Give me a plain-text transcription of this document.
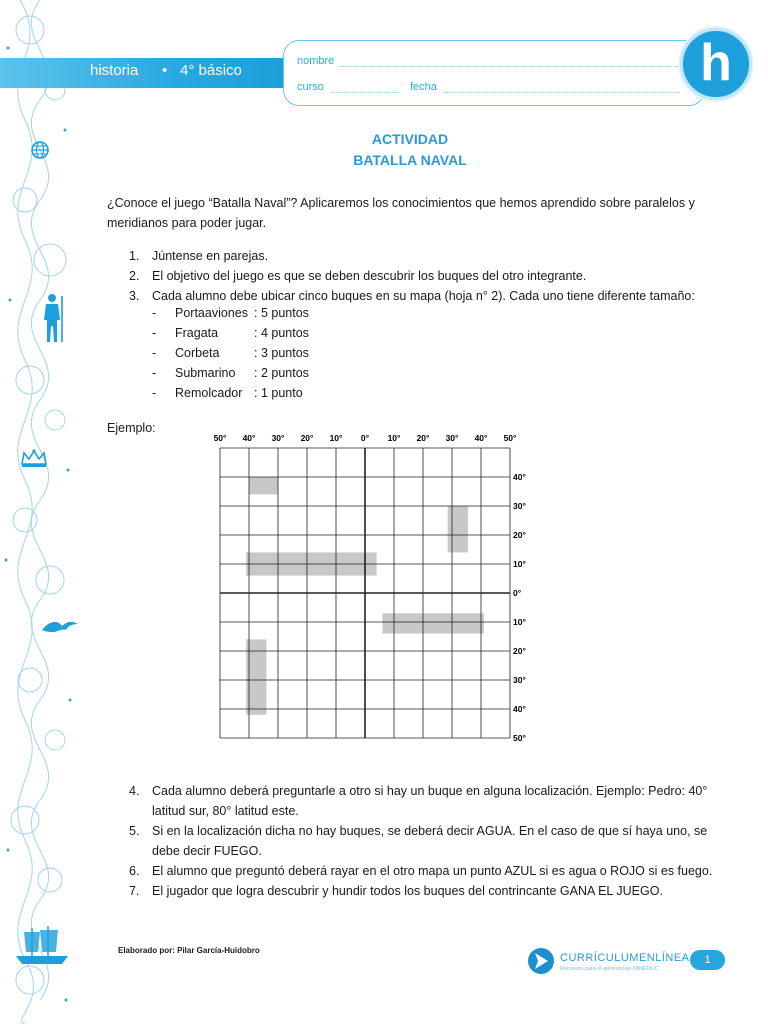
historia • 4° básico
nombre
curso	fecha	h
ACTIVIDAD
BATALLA NAVAL
¿Conoce el juego “Batalla Naval”? Aplicaremos los conocimientos que hemos aprendido sobre paralelos y
meridianos para poder jugar.
1. Júntense en parejas.
2. El objetivo del juego es que se deben descubrir los buques del otro integrante.
3. Cada alumno debe ubicar cinco buques en su mapa (hoja n° 2). Cada uno tiene diferente tamaño:
- Portaaviones : 5 puntos
- Fragata	: 4 puntos
- Corbeta	: 3 puntos
- Submarino : 2 puntos
- Remolcador : 1 punto
Ejemplo:
50° 40° 30° 20° 10° 0° 10° 20° 30° 40° 50°
40°
30°
20°
10°
0°
10°
20°
30°
40°
50°
4. Cada alumno deberá preguntarle a otro si hay un buque en alguna localización. Ejemplo: Pedro: 40°
latitud sur, 80° latitud este.
5. Si en la localización dicha no hay buques, se deberá decir AGUA. En el caso de que sí haya uno, se
debe decir FUEGO.
6. El alumno que preguntó deberá rayar en el otro mapa un punto AZUL si es agua o ROJO si es fuego.
7. El jugador que logra descubrir y hundir todos los buques del contrincante GANA EL JUEGO.
Elaborado por: Pilar García-Huidobro
CURRÍCULUMENLÍNEA
Recursos para el aprendizaje MINEDUC
1
